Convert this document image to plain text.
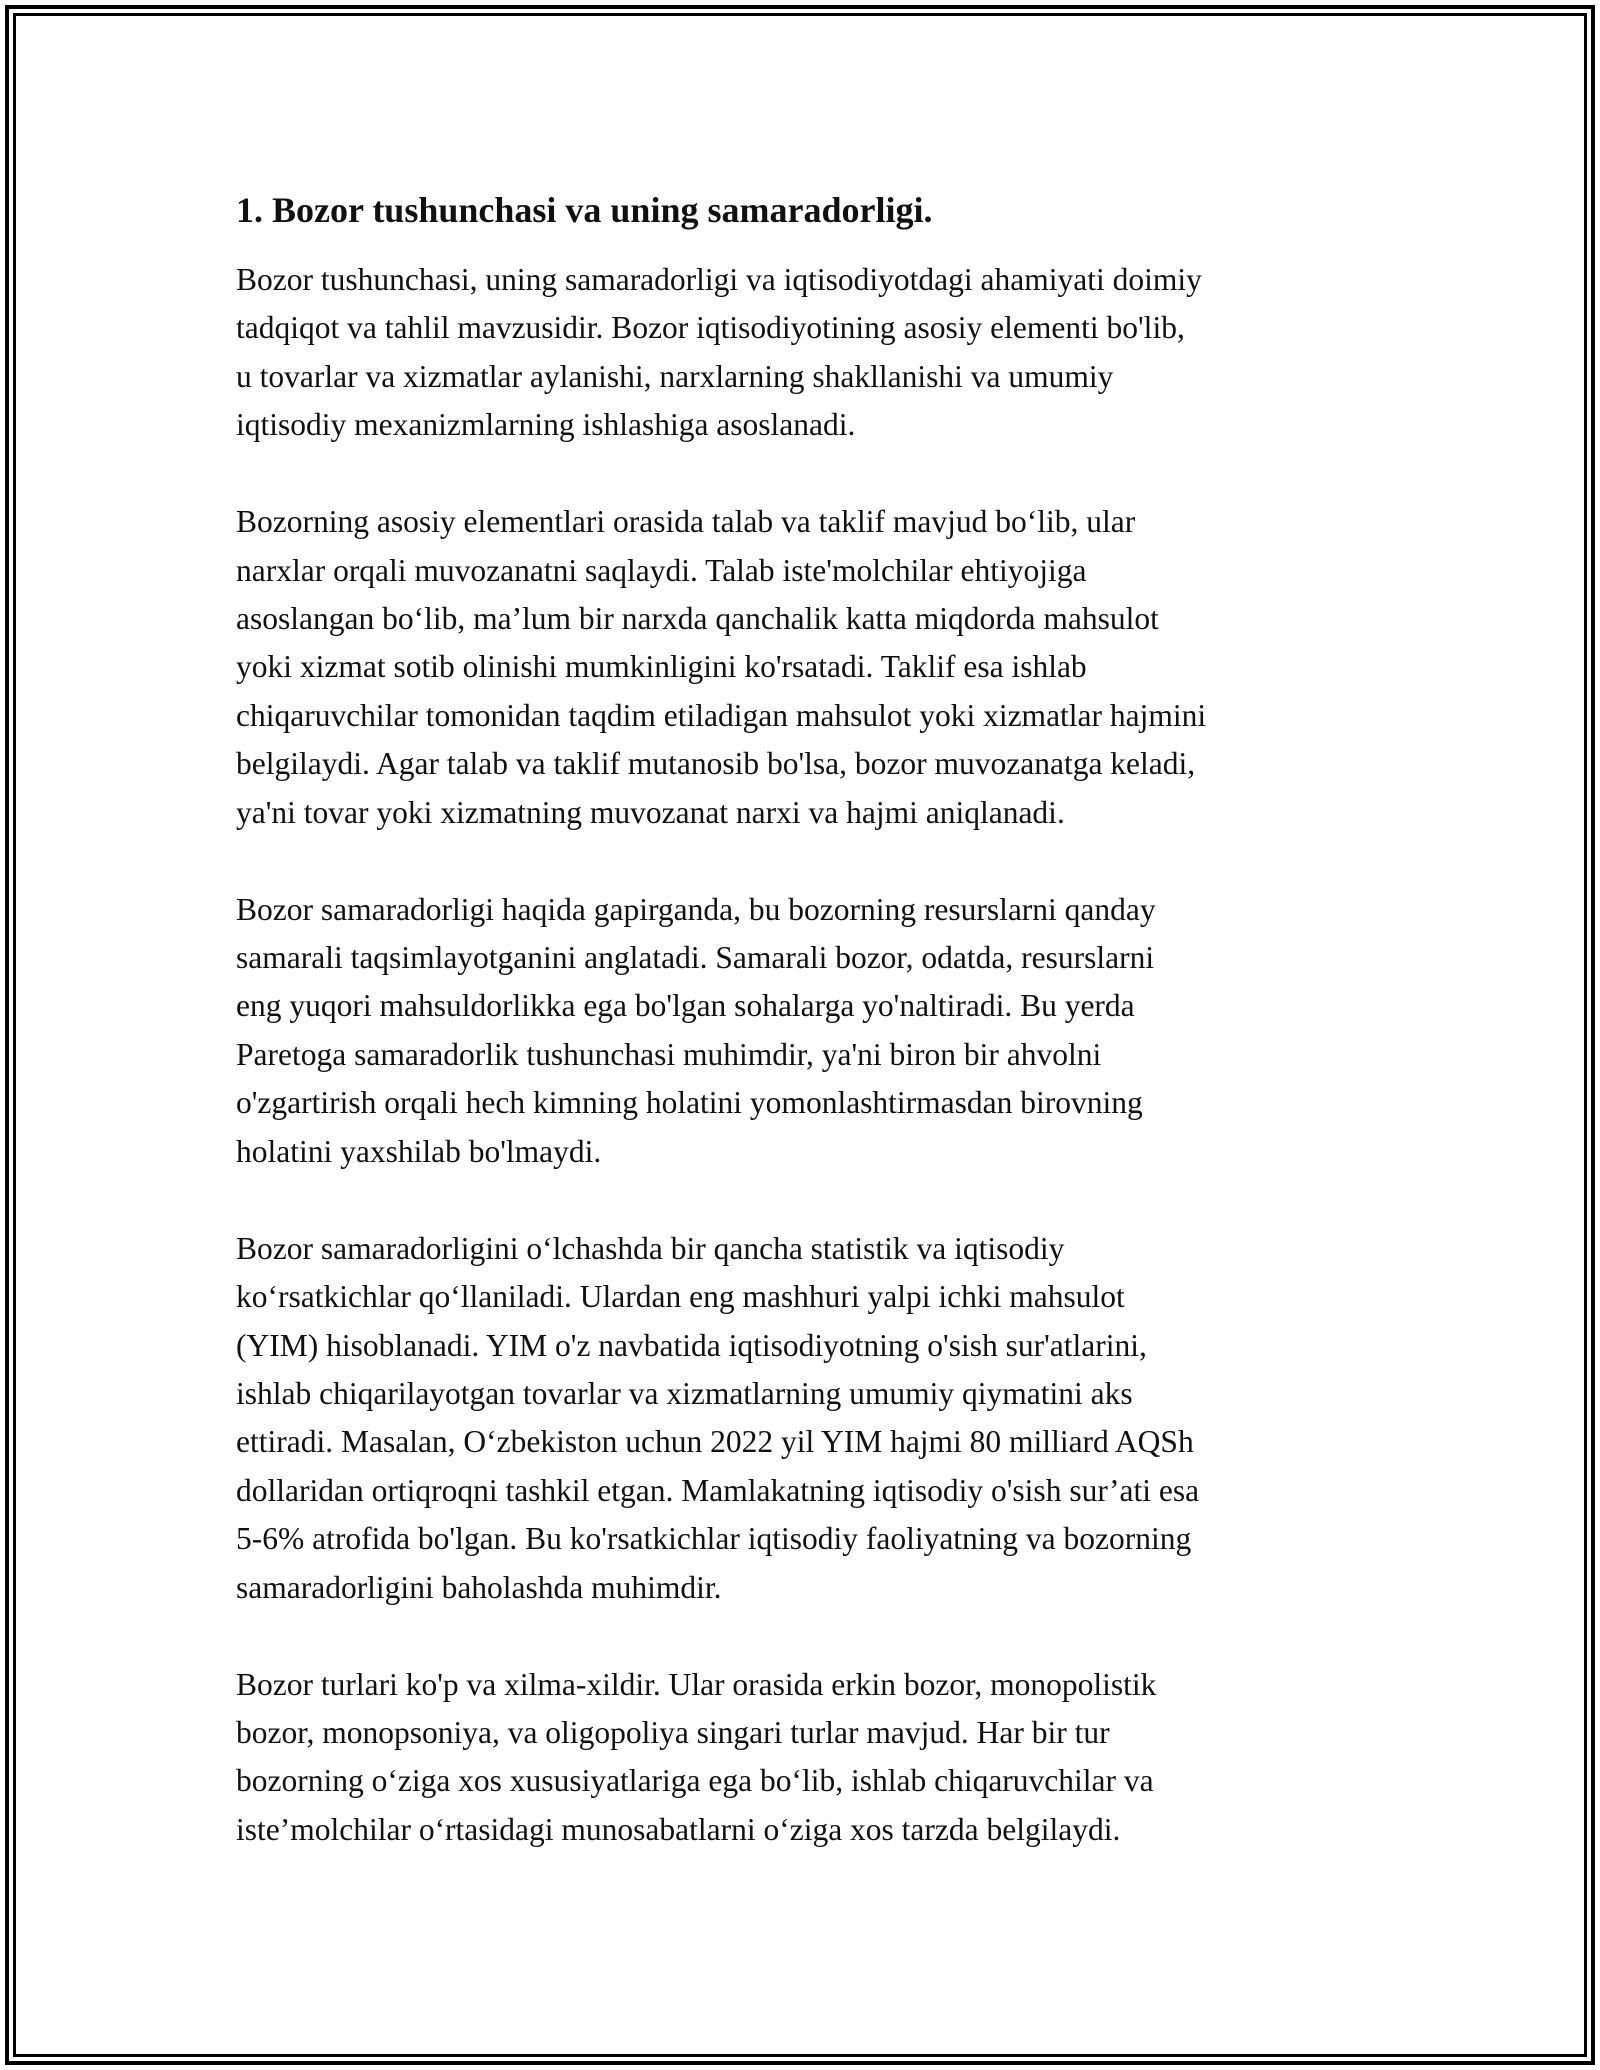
1. Bozor tushunchasi va uning samaradorligi.

Bozor tushunchasi, uning samaradorligi va iqtisodiyotdagi ahamiyati doimiy
tadqiqot va tahlil mavzusidir. Bozor iqtisodiyotining asosiy elementi bo'lib,
u tovarlar va xizmatlar aylanishi, narxlarning shakllanishi va umumiy
iqtisodiy mexanizmlarning ishlashiga asoslanadi.

Bozorning asosiy elementlari orasida talab va taklif mavjud bo‘lib, ular
narxlar orqali muvozanatni saqlaydi. Talab iste'molchilar ehtiyojiga
asoslangan bo‘lib, ma’lum bir narxda qanchalik katta miqdorda mahsulot
yoki xizmat sotib olinishi mumkinligini ko'rsatadi. Taklif esa ishlab
chiqaruvchilar tomonidan taqdim etiladigan mahsulot yoki xizmatlar hajmini
belgilaydi. Agar talab va taklif mutanosib bo'lsa, bozor muvozanatga keladi,
ya'ni tovar yoki xizmatning muvozanat narxi va hajmi aniqlanadi.

Bozor samaradorligi haqida gapirganda, bu bozorning resurslarni qanday
samarali taqsimlayotganini anglatadi. Samarali bozor, odatda, resurslarni
eng yuqori mahsuldorlikka ega bo'lgan sohalarga yo'naltiradi. Bu yerda
Paretoga samaradorlik tushunchasi muhimdir, ya'ni biron bir ahvolni
o'zgartirish orqali hech kimning holatini yomonlashtirmasdan birovning
holatini yaxshilab bo'lmaydi.

Bozor samaradorligini o‘lchashda bir qancha statistik va iqtisodiy
ko‘rsatkichlar qo‘llaniladi. Ulardan eng mashhuri yalpi ichki mahsulot
(YIM) hisoblanadi. YIM o'z navbatida iqtisodiyotning o'sish sur'atlarini,
ishlab chiqarilayotgan tovarlar va xizmatlarning umumiy qiymatini aks
ettiradi. Masalan, O‘zbekiston uchun 2022 yil YIM hajmi 80 milliard AQSh
dollaridan ortiqroqni tashkil etgan. Mamlakatning iqtisodiy o'sish sur’ati esa
5-6% atrofida bo'lgan. Bu ko'rsatkichlar iqtisodiy faoliyatning va bozorning
samaradorligini baholashda muhimdir.

Bozor turlari ko'p va xilma-xildir. Ular orasida erkin bozor, monopolistik
bozor, monopsoniya, va oligopoliya singari turlar mavjud. Har bir tur
bozorning o‘ziga xos xususiyatlariga ega bo‘lib, ishlab chiqaruvchilar va
iste’molchilar o‘rtasidagi munosabatlarni o‘ziga xos tarzda belgilaydi.
